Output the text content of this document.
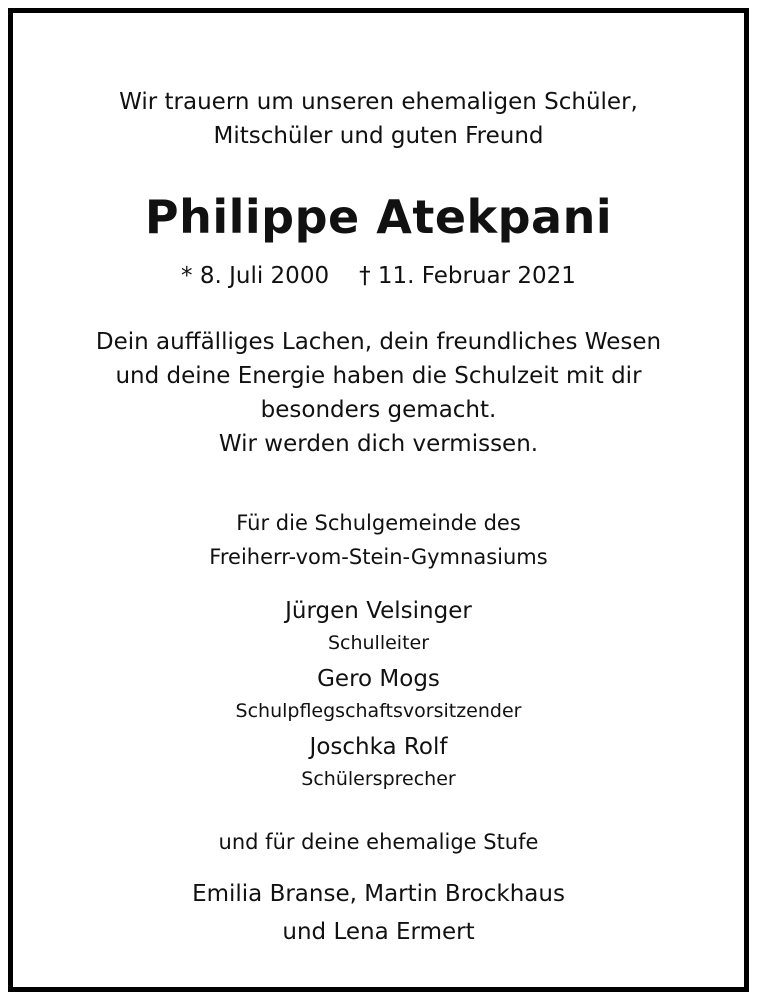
Wir trauern um unseren ehemaligen Schüler,
Mitschüler und guten Freund
Philippe Atekpani
* 8. Juli 2000 † 11. Februar 2021
Dein auffälliges Lachen, dein freundliches Wesen
und deine Energie haben die Schulzeit mit dir
besonders gemacht.
Wir werden dich vermissen.
Für die Schulgemeinde des
Freiherr-vom-Stein-Gymnasiums
Jürgen Velsinger
Schulleiter
Gero Mogs
Schulpflegschaftsvorsitzender
Joschka Rolf
Schülersprecher
und für deine ehemalige Stufe
Emilia Branse, Martin Brockhaus
und Lena Ermert
